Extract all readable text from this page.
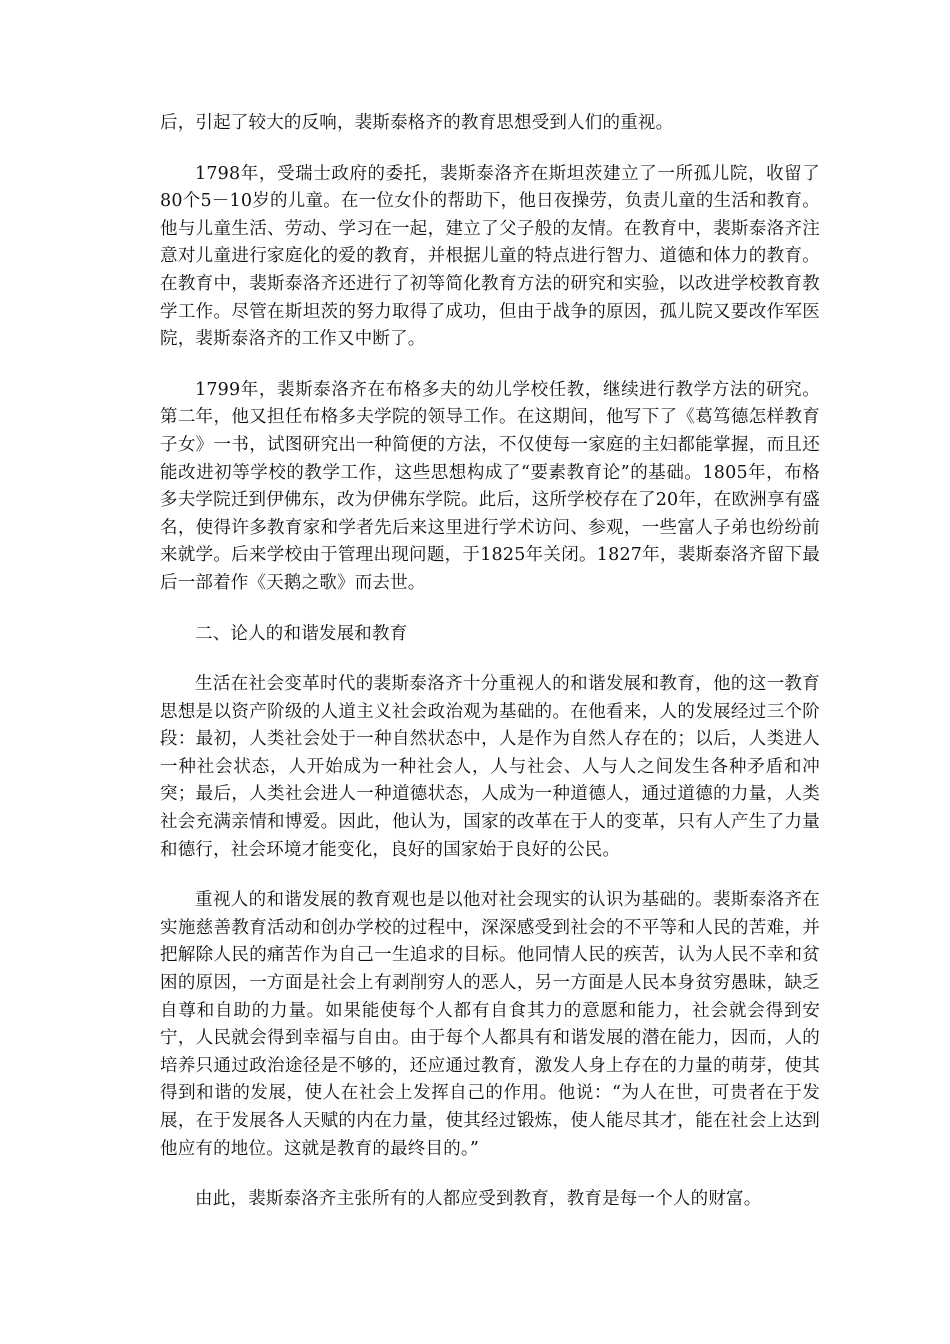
后，引起了较大的反响，裴斯泰格齐的教育思想受到人们的重视。

1798年，受瑞士政府的委托，裴斯泰洛齐在斯坦茨建立了一所孤儿院，收留了80个5－10岁的儿童。在一位女仆的帮助下，他日夜操劳，负责儿童的生活和教育。他与儿童生活、劳动、学习在一起，建立了父子般的友情。在教育中，裴斯泰洛齐注意对儿童进行家庭化的爱的教育，并根据儿童的特点进行智力、道德和体力的教育。在教育中，裴斯泰洛齐还进行了初等简化教育方法的研究和实验，以改进学校教育教学工作。尽管在斯坦茨的努力取得了成功，但由于战争的原因，孤儿院又要改作军医院，裴斯泰洛齐的工作又中断了。

1799年，裴斯泰洛齐在布格多夫的幼儿学校任教，继续进行教学方法的研究。第二年，他又担任布格多夫学院的领导工作。在这期间，他写下了《葛笃德怎样教育子女》一书，试图研究出一种简便的方法，不仅使每一家庭的主妇都能掌握，而且还能改进初等学校的教学工作，这些思想构成了“要素教育论”的基础。1805年，布格多夫学院迁到伊佛东，改为伊佛东学院。此后，这所学校存在了20年，在欧洲享有盛名，使得许多教育家和学者先后来这里进行学术访问、参观，一些富人子弟也纷纷前来就学。后来学校由于管理出现问题，于1825年关闭。1827年，裴斯泰洛齐留下最后一部着作《天鹅之歌》而去世。

二、论人的和谐发展和教育

生活在社会变革时代的裴斯泰洛齐十分重视人的和谐发展和教育，他的这一教育思想是以资产阶级的人道主义社会政治观为基础的。在他看来，人的发展经过三个阶段：最初，人类社会处于一种自然状态中，人是作为自然人存在的；以后，人类进人一种社会状态，人开始成为一种社会人，人与社会、人与人之间发生各种矛盾和冲突；最后，人类社会进人一种道德状态，人成为一种道德人，通过道德的力量，人类社会充满亲情和博爱。因此，他认为，国家的改革在于人的变革，只有人产生了力量和德行，社会环境才能变化，良好的国家始于良好的公民。

重视人的和谐发展的教育观也是以他对社会现实的认识为基础的。裴斯泰洛齐在实施慈善教育活动和创办学校的过程中，深深感受到社会的不平等和人民的苦难，并把解除人民的痛苦作为自己一生追求的目标。他同情人民的疾苦，认为人民不幸和贫困的原因，一方面是社会上有剥削穷人的恶人，另一方面是人民本身贫穷愚昧，缺乏自尊和自助的力量。如果能使每个人都有自食其力的意愿和能力，社会就会得到安宁，人民就会得到幸福与自由。由于每个人都具有和谐发展的潜在能力，因而，人的培养只通过政治途径是不够的，还应通过教育，激发人身上存在的力量的萌芽，使其得到和谐的发展，使人在社会上发挥自己的作用。他说：“为人在世，可贵者在于发展，在于发展各人天赋的内在力量，使其经过锻炼，使人能尽其才，能在社会上达到他应有的地位。这就是教育的最终目的。”

由此，裴斯泰洛齐主张所有的人都应受到教育，教育是每一个人的财富。
